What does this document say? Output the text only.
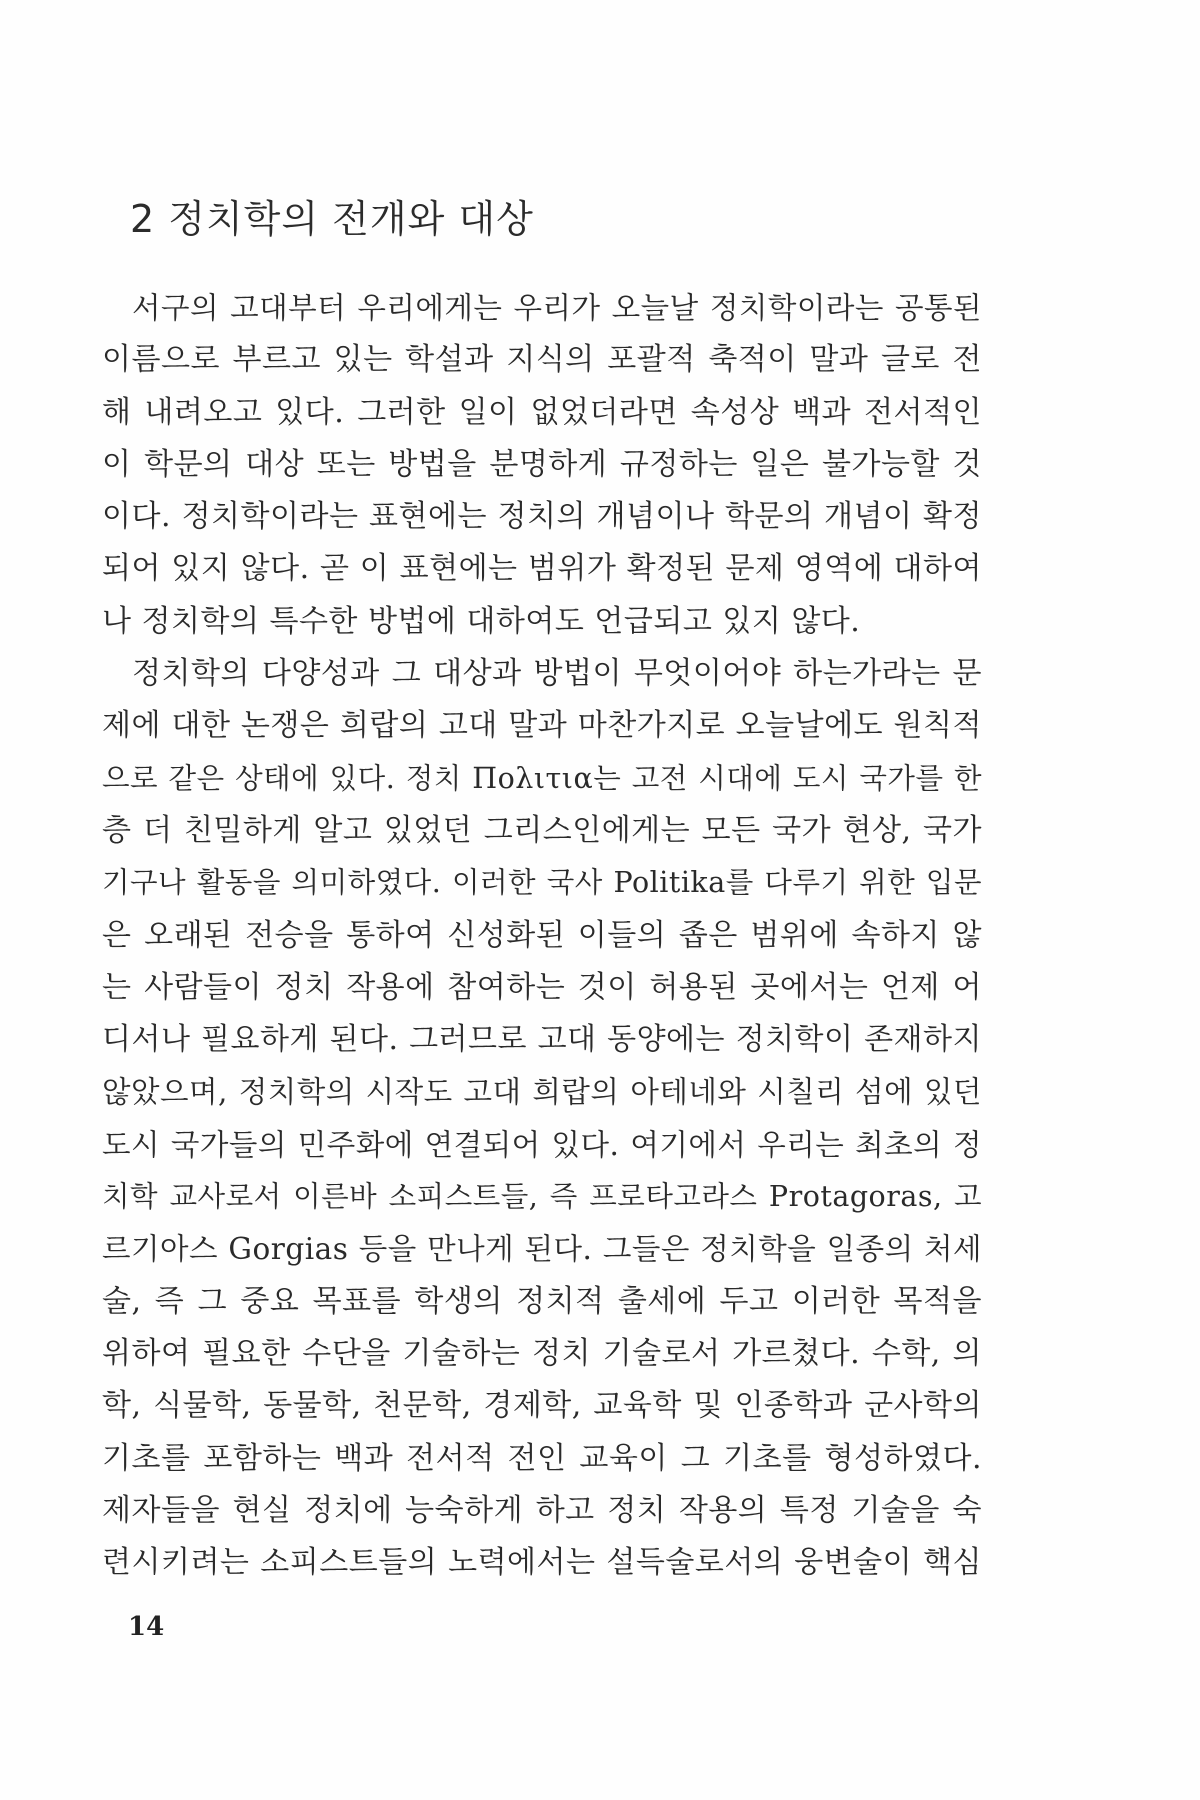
2 정치학의 전개와 대상
서구의 고대부터 우리에게는 우리가 오늘날 정치학이라는 공통된
이름으로 부르고 있는 학설과 지식의 포괄적 축적이 말과 글로 전
해 내려오고 있다. 그러한 일이 없었더라면 속성상 백과 전서적인
이 학문의 대상 또는 방법을 분명하게 규정하는 일은 불가능할 것
이다. 정치학이라는 표현에는 정치의 개념이나 학문의 개념이 확정
되어 있지 않다. 곧 이 표현에는 범위가 확정된 문제 영역에 대하여
나 정치학의 특수한 방법에 대하여도 언급되고 있지 않다.
정치학의 다양성과 그 대상과 방법이 무엇이어야 하는가라는 문
제에 대한 논쟁은 희랍의 고대 말과 마찬가지로 오늘날에도 원칙적
으로 같은 상태에 있다. 정치 Πολιτια는 고전 시대에 도시 국가를 한
층 더 친밀하게 알고 있었던 그리스인에게는 모든 국가 현상, 국가
기구나 활동을 의미하였다. 이러한 국사 Politika를 다루기 위한 입문
은 오래된 전승을 통하여 신성화된 이들의 좁은 범위에 속하지 않
는 사람들이 정치 작용에 참여하는 것이 허용된 곳에서는 언제 어
디서나 필요하게 된다. 그러므로 고대 동양에는 정치학이 존재하지
않았으며, 정치학의 시작도 고대 희랍의 아테네와 시칠리 섬에 있던
도시 국가들의 민주화에 연결되어 있다. 여기에서 우리는 최초의 정
치학 교사로서 이른바 소피스트들, 즉 프로타고라스 Protagoras, 고
르기아스 Gorgias 등을 만나게 된다. 그들은 정치학을 일종의 처세
술, 즉 그 중요 목표를 학생의 정치적 출세에 두고 이러한 목적을
위하여 필요한 수단을 기술하는 정치 기술로서 가르쳤다. 수학, 의
학, 식물학, 동물학, 천문학, 경제학, 교육학 및 인종학과 군사학의
기초를 포함하는 백과 전서적 전인 교육이 그 기초를 형성하였다.
제자들을 현실 정치에 능숙하게 하고 정치 작용의 특정 기술을 숙
련시키려는 소피스트들의 노력에서는 설득술로서의 웅변술이 핵심
14
